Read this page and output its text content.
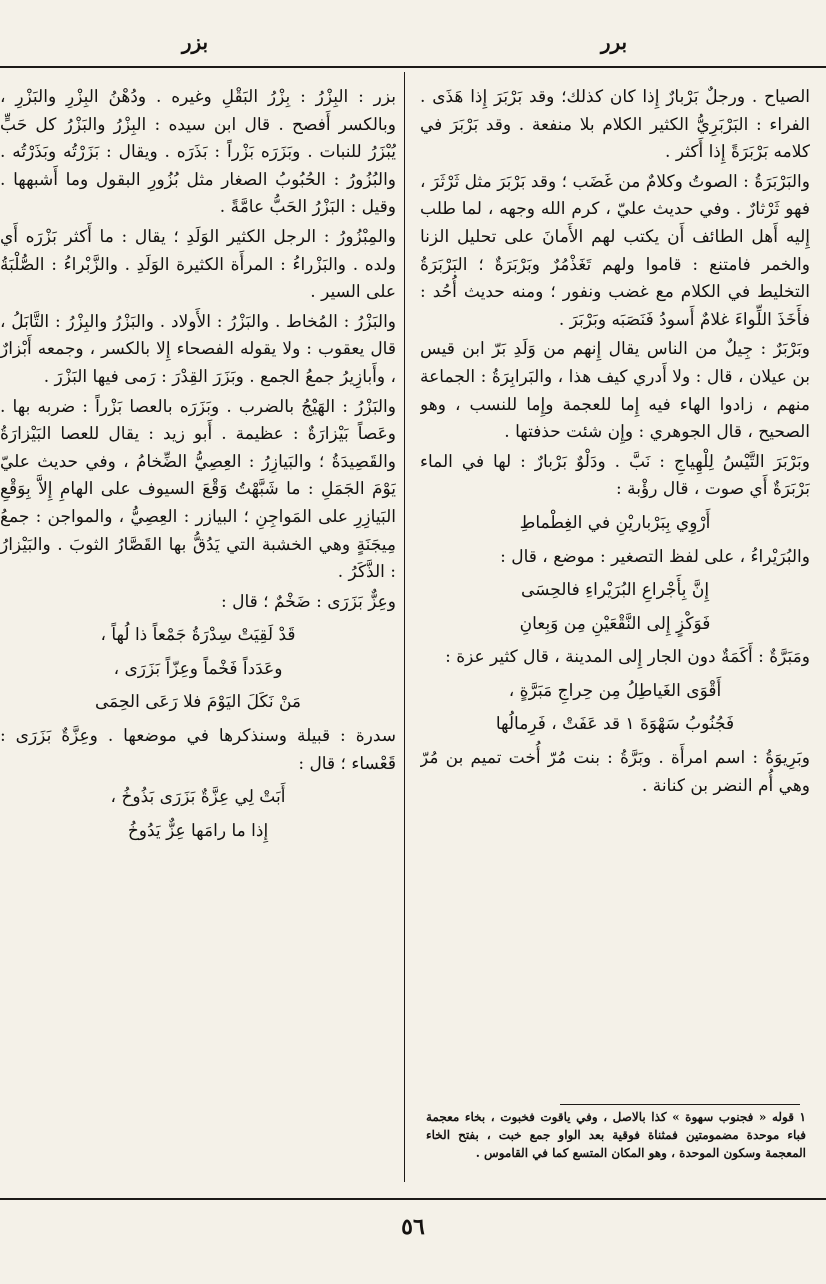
برر
بزر

الصياح . ورجلٌ بَرْبارٌ إِذا كان كذلك؛ وقد بَرْبَرَ إِذا هَذَى . الفراء : البَرْبَرِيُّ الكثير الكلام بلا منفعة . وقد بَرْبَرَ في كلامه بَرْبَرَةً إِذا أَكثر .

والبَرْبَرَةُ : الصوتُ وكلامٌ من غَضَب ؛ وقد بَرْبَرَ مثل ثَرْثَرَ ، فهو ثَرْثارٌ . وفي حديث عليّ ، كرم الله وجهه ، لما طلب إِليه أَهل الطائف أَن يكتب لهم الأَمانَ على تحليل الزنا والخمر فامتنع : قاموا ولهم تَغَذْمُرٌ وبَرْبَرَةٌ ؛ البَرْبَرَةُ التخليط في الكلام مع غضب ونفور ؛ ومنه حديث أُحُد : فأَخَذَ اللِّواءَ غلامٌ أَسودُ فَنَصَبَه وبَرْبَرَ .

وبَرْبَرٌ : جِيلٌ من الناس يقال إِنهم من وَلَدِ بَرّ ابن قيس بن عيلان ، قال : ولا أَدري كيف هذا ، والبَرابِرَةُ : الجماعة منهم ، زادوا الهاء فيه إِما للعجمة وإِما للنسب ، وهو الصحيح ، قال الجوهري : وإِن شئت حذفتها .

وبَرْبَرَ التَّيْسُ لِلْهِياجِ : نَبَّ . ودَلْوٌ بَرْبارٌ : لها في الماء بَرْبَرَةٌ أَي صوت ، قال رؤْبة :

أَرْوِي بِبَرْباريْنِ في الغِطْماطِ

والبُرَيْراءُ ، على لفظ التصغير : موضع ، قال :

إِنَّ بِأَجْراعِ البُرَيْراءِ فالحِسَى

فَوَكْزٍ إِلى النَّقْعَيْنِ مِن وَبِعانِ

ومَبَرَّةٌ : أَكَمَةٌ دون الجار إِلى المدينة ، قال كثير عزة :

أَقْوَى الغَياطِلُ مِن حِراجِ مَبَرَّةٍ ،

فَجُنُوبُ سَهْوَةَ ١ قد عَفَتْ ، فَرِمالُها

وبَرِيوَةُ : اسم امرأَة . وبَرَّةُ : بنت مُرّ أُخت تميم بن مُرّ وهي أُم النضر بن كنانة .

١ قوله « فجنوب سهوة » كذا بالاصل ، وفي ياقوت فخبوت ، بخاء معجمة فباء موحدة مضمومتين فمثناة فوقية بعد الواو جمع خبت ، بفتح الخاء المعجمة وسكون الموحدة ، وهو المكان المتسع كما في القاموس .

بزر : البِزْرُ : بِزْرُ البَقْلِ وغيره . ودُهْنُ البِزْرِ والبَزْرِ ، وبالكسر أَفصح . قال ابن سيده : البِزْرُ والبَزْرُ كل حَبٍّ يُبْزَرُ للنبات . وبَزَرَه بَزْراً : بَذَرَه . ويقال : بَزَرْتُه وبَذَرْتُه . والبُزُورُ : الحُبُوبُ الصغار مثل بُزُورِ البقول وما أَشبهها . وقيل : البَزْرُ الحَبُّ عامَّةً .

والمِبْزُورُ : الرجل الكثير الوَلَدِ ؛ يقال : ما أَكثر بَزْرَه أَي ولده . والبَزْراءُ : المرأَة الكثيرة الوَلَدِ . والزَّبْراءُ : الصُّلْبَةُ على السير .

والبَزْرُ : المُخاط . والبَزْرُ : الأَولاد . والبَزْرُ والبِزْرُ : التَّابَلُ ، قال يعقوب : ولا يقوله الفصحاء إِلا بالكسر ، وجمعه أَبْزارٌ ، وأَبازِيرُ جمعُ الجمع . وبَزَرَ القِدْرَ : رَمى فيها البَزْرَ .

والبَزْرُ : الهَيْجُ بالضرب . وبَزَرَه بالعصا بَزْراً : ضربه بها . وعَصاً بَيْزارَةٌ : عظيمة . أَبو زيد : يقال للعصا البَيْزارَةُ والقَصِيدَةُ ؛ والبَيازِرُ : العِصِيُّ الضِّخامُ ، وفي حديث عليّ يَوْمَ الجَمَلِ : ما شَبَّهْتُ وَقْعَ السيوف على الهامِ إِلاَّ بِوَقْعِ البَيازِرِ على المَواجِنِ ؛ البيازر : العِصِيُّ ، والمواجن : جمعُ مِيجَنَةٍ وهي الخشبة التي يَدُقُّ بها القَصَّارُ الثوبَ . والبَيْزارُ : الذَّكَرُ .

وعِزٌّ بَزَرَى : ضَخْمٌ ؛ قال :

قَدْ لَقِيَتْ سِدْرَةُ جَمْعاً ذا لُهاً ،

وعَدَداً فَخْماً وعِزّاً بَزَرَى ،

مَنْ نَكَلَ اليَوْمَ فلا رَعَى الحِمَى

سدرة : قبيلة وسنذكرها في موضعها . وعِزَّةٌ بَزَرَى : قَعْساء ؛ قال :

أَبَتْ لِي عِزَّةٌ بَزَرَى بَذُوخُ ،

إِذا ما رامَها عِزٌّ يَدُوخُ

٥٦
